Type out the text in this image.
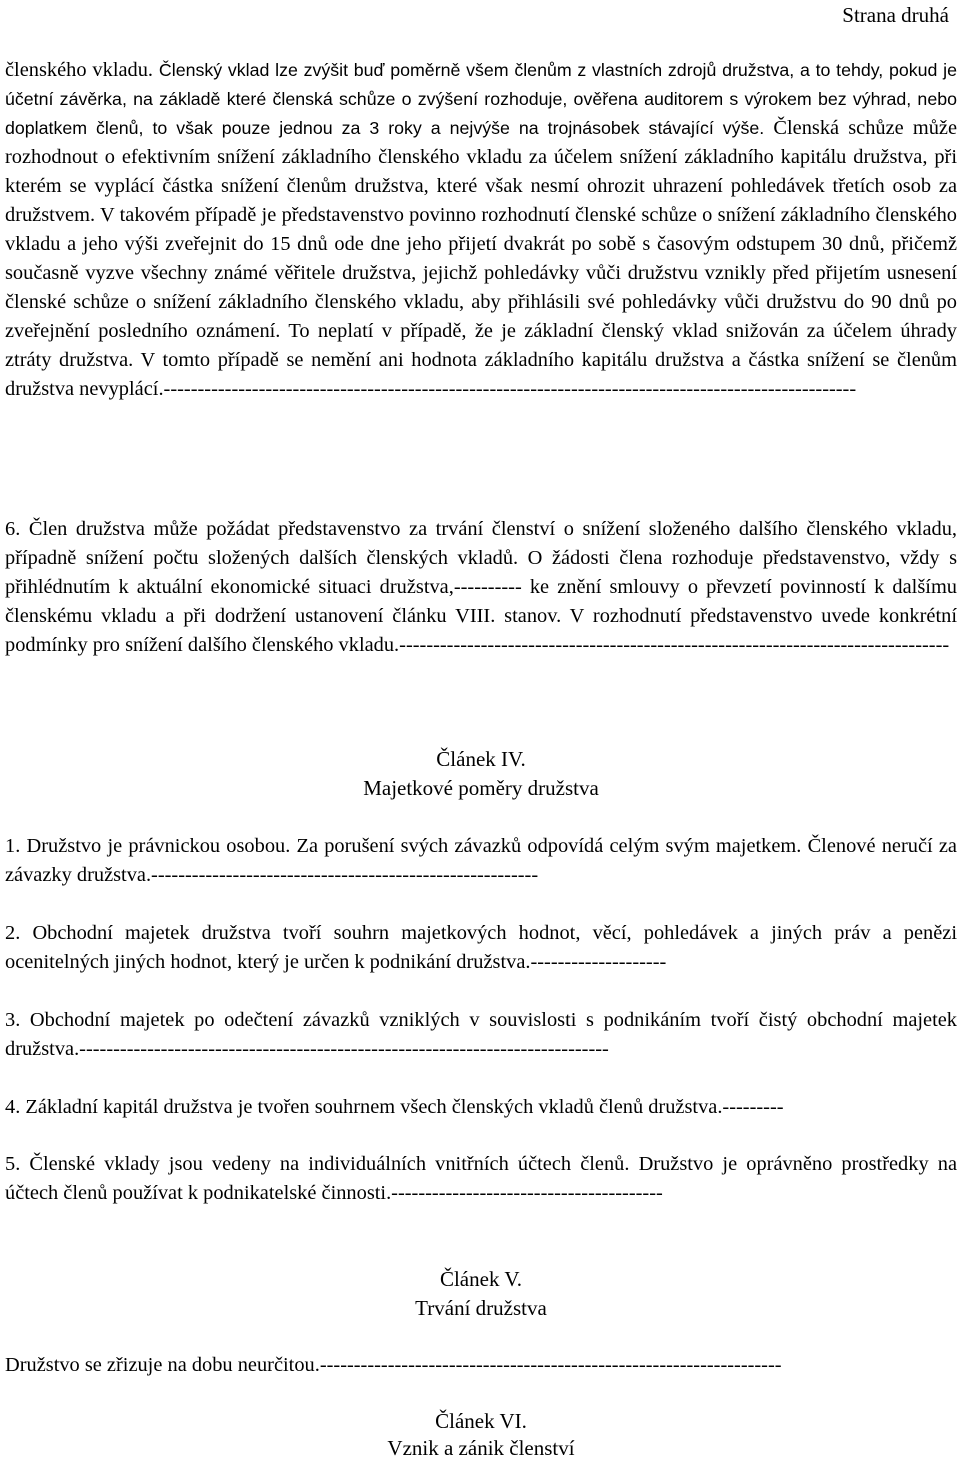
Strana druhá

členského vkladu. Členský vklad lze zvýšit buď poměrně všem členům z vlastních zdrojů družstva, a to tehdy, pokud je účetní závěrka, na základě které členská schůze o zvýšení rozhoduje, ověřena auditorem s výrokem bez výhrad, nebo doplatkem členů, to však pouze jednou za 3 roky a nejvýše na trojnásobek stávající výše. Členská schůze může rozhodnout o efektivním snížení základního členského vkladu za účelem snížení základního kapitálu družstva, při kterém se vyplácí částka snížení členům družstva, které však nesmí ohrozit uhrazení pohledávek třetích osob za družstvem. V takovém případě je představenstvo povinno rozhodnutí členské schůze o snížení základního členského vkladu a jeho výši zveřejnit do 15 dnů ode dne jeho přijetí dvakrát po sobě s časovým odstupem 30 dnů, přičemž současně vyzve všechny známé věřitele družstva, jejichž pohledávky vůči družstvu vznikly před přijetím usnesení členské schůze o snížení základního členského vkladu, aby přihlásili své pohledávky vůči družstvu do 90 dnů po zveřejnění posledního oznámení. To neplatí v případě, že je základní členský vklad snižován za účelem úhrady ztráty družstva. V tomto případě se nemění ani hodnota základního kapitálu družstva a částka snížení se členům družstva nevyplácí.------------------------------------------------------------------------------------------------------

6. Člen družstva může požádat představenstvo za trvání členství o snížení složeného dalšího členského vkladu, případně snížení počtu složených dalších členských vkladů. O žádosti člena rozhoduje představenstvo, vždy s přihlédnutím k aktuální ekonomické situaci družstva,---------- ke znění smlouvy o převzetí povinností k dalšímu členskému vkladu a při dodržení ustanovení článku VIII. stanov. V rozhodnutí představenstvo uvede konkrétní podmínky pro snížení dalšího členského vkladu.---------------------------------------------------------------------------------

Článek IV.

Majetkové poměry družstva

1. Družstvo je právnickou osobou. Za porušení svých závazků odpovídá celým svým majetkem. Členové neručí za závazky družstva.---------------------------------------------------------

2. Obchodní majetek družstva tvoří souhrn majetkových hodnot, věcí, pohledávek a jiných práv a penězi ocenitelných jiných hodnot, který je určen k podnikání družstva.--------------------

3. Obchodní majetek po odečtení závazků vzniklých v souvislosti s podnikáním tvoří čistý obchodní majetek družstva.------------------------------------------------------------------------------

4. Základní kapitál družstva je tvořen souhrnem všech členských vkladů členů družstva.---------

5. Členské vklady jsou vedeny na individuálních vnitřních účtech členů. Družstvo je oprávněno prostředky na účtech členů používat k podnikatelské činnosti.----------------------------------------

Článek V.

Trvání družstva

Družstvo se zřizuje na dobu neurčitou.--------------------------------------------------------------------

Článek VI.

Vznik a zánik členství
